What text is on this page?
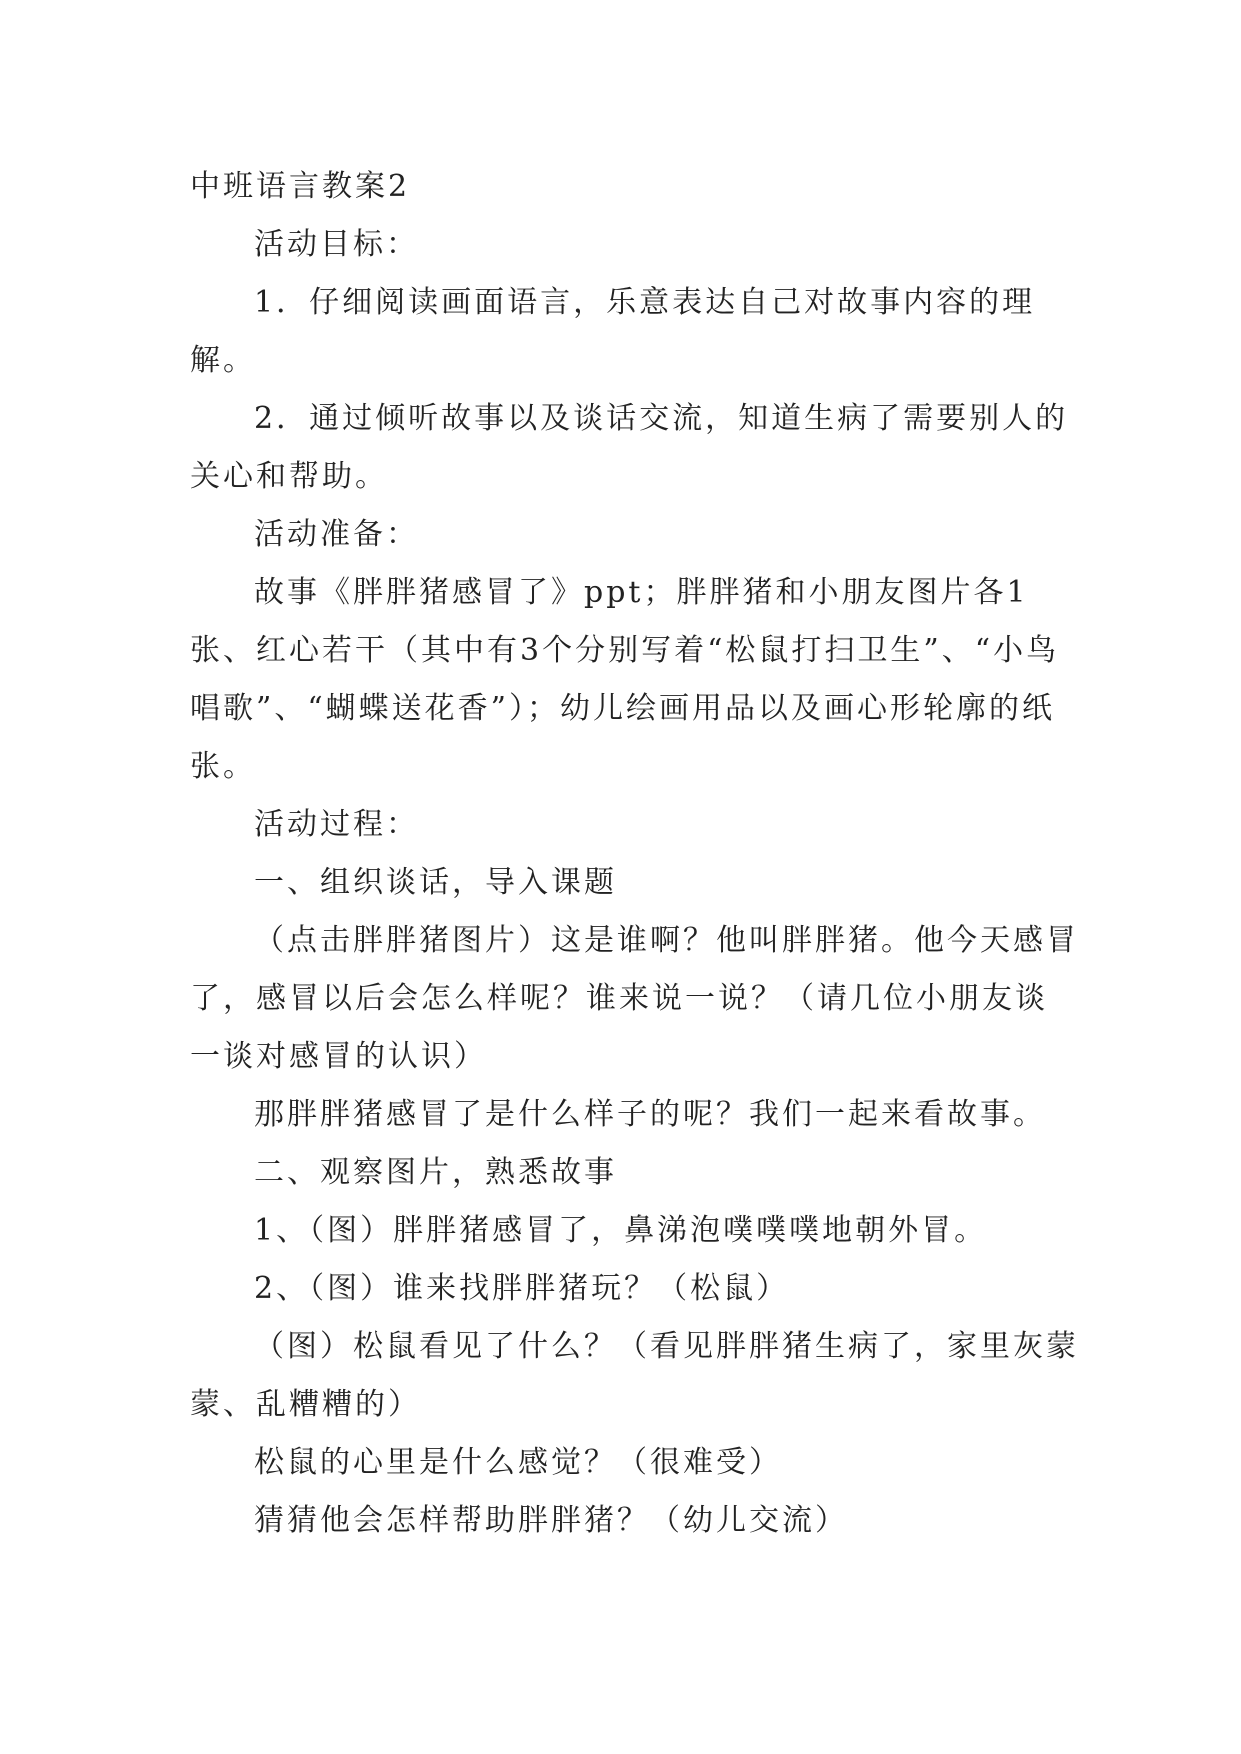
中班语言教案2

活动目标：

1．仔细阅读画面语言，乐意表达自己对故事内容的理解。

2．通过倾听故事以及谈话交流，知道生病了需要别人的关心和帮助。

活动准备：

故事《胖胖猪感冒了》ppt；胖胖猪和小朋友图片各1张、红心若干（其中有3个分别写着“松鼠打扫卫生”、“小鸟唱歌”、“蝴蝶送花香”）；幼儿绘画用品以及画心形轮廓的纸张。

活动过程：

一、组织谈话，导入课题

（点击胖胖猪图片）这是谁啊？他叫胖胖猪。他今天感冒了，感冒以后会怎么样呢？谁来说一说？（请几位小朋友谈一谈对感冒的认识）

那胖胖猪感冒了是什么样子的呢？我们一起来看故事。

二、观察图片，熟悉故事

1、（图）胖胖猪感冒了，鼻涕泡噗噗噗地朝外冒。

2、（图）谁来找胖胖猪玩？（松鼠）

（图）松鼠看见了什么？（看见胖胖猪生病了，家里灰蒙蒙、乱糟糟的）

松鼠的心里是什么感觉？（很难受）

猜猜他会怎样帮助胖胖猪？（幼儿交流）
